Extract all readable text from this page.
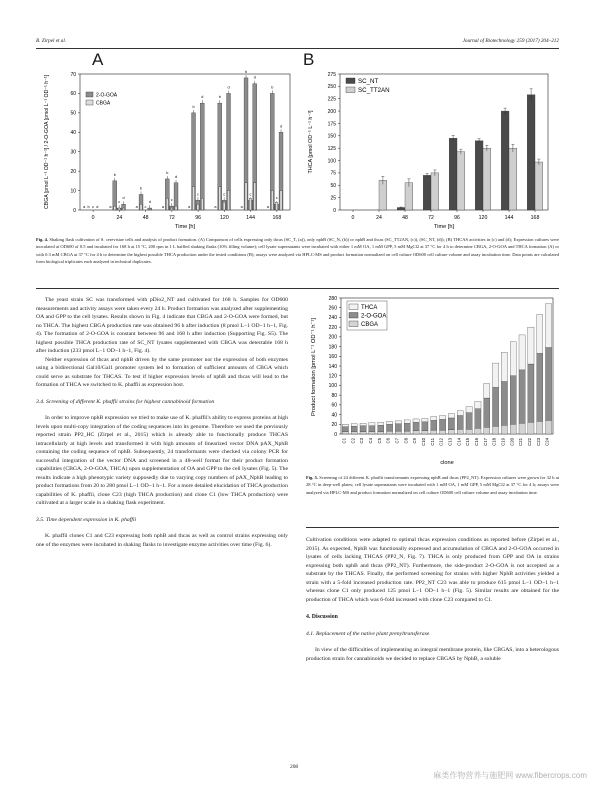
B. Zirpel et al.	Journal of Biotechnology 259 (2017) 204–212
A
0
10
20
30
40
50
60
70
CBGA [pmol L⁻¹ OD⁻¹ h⁻¹] / 2-O-GOA [pmol L⁻¹ OD⁻¹ h⁻¹]
0
a b c d
24
a
b
c
d
48
a
b
c
d
72
a
b
c
d
96
a
b
c
d
120
a
b
c
d
144
a
b
c
d
168
a
b
c
d
Time [h]
2-O-GOA
CBGA
B
0
25
50
75
100
125
150
175
200
225
250
275
THCA [pmol OD⁻¹ L⁻¹ h⁻¹]
0	24	48	72	96	120	144	168
Time [h]
SC_NT
SC_TT2AN
Fig. 4. Shaking flask cultivation of S. cerevisiae cells and analysis of product formation. (A) Comparison of cells expressing only thcas (SC_T, (a)), only nphB (SC_N, (b)) or nphB and thcas (SC_TT2AN, (c)), (SC_NT, (d)); (B) THCAS activities in (c) and (d); Expression cultures were inoculated at OD600 of 0.5 and incubated for 168 h at 15 °C, 200 rpm in 1 L baffled shaking flasks (10% filling volume); cell lysate supernatants were incubated with either 1 mM OA, 1 mM GPP, 5 mM MgCl2 at 37 °C for 4 h to determine CBGA, 2-O-GOA and THCA formation (A) or with 0.3 mM CBGA at 37 °C for 4 h to determine the highest possible THCA production under the tested conditions (B); assays were analyzed via HPLC-MS and product formation normalized on cell culture OD600 cell culture volume and assay incubation time. Data points are calculated from biological triplicates each analyzed in technical duplicates.

The yeast strain SC was transformed with pDio2_NT and cultivated for 168 h. Samples for OD600 measurements and activity assays were taken every 24 h. Product formation was analyzed after supplementing OA and GPP to the cell lysates. Results shown in Fig. 4 indicate that CBGA and 2-O-GOA were formed, but no THCA. The highest CBGA production rate was obtained 96 h after induction (8 pmol L−1 OD−1 h−1, Fig. 4). The formation of 2-O-GOA is constant between 96 and 168 h after induction (Supporting Fig. S5). The highest possible THCA production rate of SC_NT lysates supplemented with CBGA was detectable 168 h after induction (233 pmol L−1 OD−1 h−1, Fig. 4).

Neither expression of thcas and nphB driven by the same promoter nor the expression of both enzymes using a bidirectional Gal10/Gal1 promoter system led to formation of sufficient amounts of CBGA which could serve as substrate for THCAS. To test if higher expression levels of nphB and thcas will lead to the formation of THCA we switched to K. phaffii as expression host.

3.4. Screening of different K. phaffii strains for highest cannabinoid formation

In order to improve nphB expression we tried to make use of K. phaffii's ability to express proteins at high levels upon multi-copy integration of the coding sequences into its genome. Therefore we used the previously reported strain PP2_HC (Zirpel et al., 2015) which is already able to functionally produce THCAS intracellularly at high levels and transformed it with high amounts of linearized vector DNA pAX_NphB containing the coding sequence of nphB. Subsequently, 24 transformants were checked via colony PCR for successful integration of the vector DNA and screened in a 48-well format for their product formation capabilities (CBGA, 2-O-GOA, THCA) upon supplementation of OA and GPP to the cell lysates (Fig. 5). The results indicate a high phenotypic variety supposedly due to varying copy numbers of pAX_NphB leading to product formations from 20 to 280 pmol L−1 OD−1 h−1. For a more detailed elucidation of THCA production capabilities of K. phaffii, clone C23 (high THCA production) and clone C1 (low THCA production) were cultivated at a larger scale in a shaking flask experiment.

3.5. Time dependent expression in K. phaffii

K. phaffii clones C1 and C23 expressing both nphB and thcas as well as control strains expressing only one of the enzymes were incubated in shaking flasks to investigate enzyme activities over time (Fig. 6).

0
20
40
60
80
100
120
140
160
180
200
220
240
260
280
Product formation [pmol L⁻¹ OD⁻¹ h⁻¹]
C1 C2 C3 C4 C5 C6 C7 C8 C9 C10 C11 C12 C13 C14 C15 C16 C17 C18 C19 C20 C21 C22 C23 C24
clone
THCA
2-O-GOA
CBGA
Fig. 5. Screening of 24 different K. phaffii transformants expressing nphB and thcas (PP2_NT). Expression cultures were grown for 32 h at 28 °C in deep-well plates; cell lysate supernatants were incubated with 1 mM OA, 1 mM GPP, 5 mM MgCl2 at 37 °C for 4 h; assays were analyzed via HPLC-MS and product formation normalized on cell culture OD600 cell culture volume and assay incubation time.

Cultivation conditions were adapted to optimal thcas expression conditions as reported before (Zirpel et al., 2015). As expected, NphB was functionally expressed and accumulation of CBGA and 2-O-GOA occurred in lysates of cells lacking THCAS (PP2_N, Fig. 7). THCA is only produced from GPP and OA in strains expressing both nphB and thcas (PP2_NT). Furthermore, the side-product 2-O-GOA is not accepted as a substrate by the THCAS. Finally, the performed screening for strains with higher NphB activities yielded a strain with a 5-fold increased production rate. PP2_NT C23 was able to produce 615 pmol L−1 OD−1 h−1 whereas clone C1 only produced 125 pmol L−1 OD−1 h−1 (Fig. 5). Similar results are obtained for the production of THCA which was 6-fold increased with clone C23 compared to C1.

4. Discussion
4.1. Replacement of the native plant prenyltransferase

In view of the difficulties of implementing an integral membrane protein, like CBGAS, into a heterologous production strain for cannabinoids we decided to replace CBGAS by NphB, a soluble

208
麻类作物营养与施肥网 www.fibercrops.com
